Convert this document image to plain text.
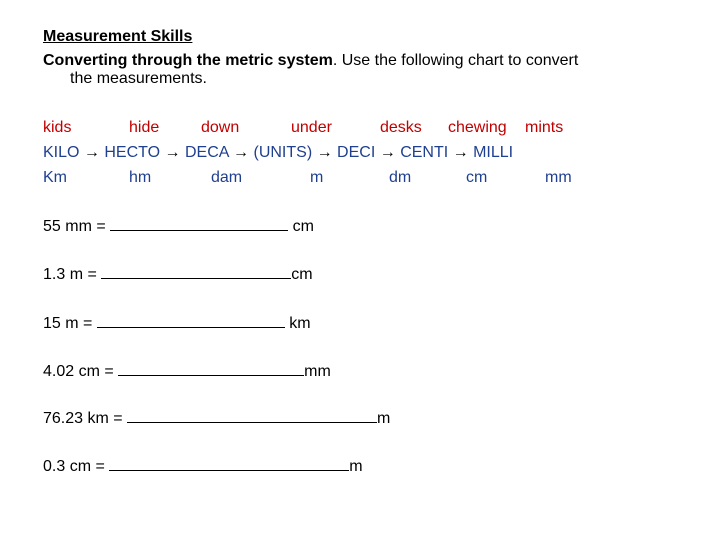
Measurement Skills
Converting through the metric system. Use the following chart to convert
the measurements.
kids	hide	down	under	desks chewing mints
KILO → HECTO → DECA → (UNITS) → DECI → CENTI → MILLI
Km	hm	dam	m	dm	cm	mm
55 mm =	cm
1.3 m =	cm
15 m =	km
4.02 cm =	mm
76.23 km =	m
0.3 cm =	m
